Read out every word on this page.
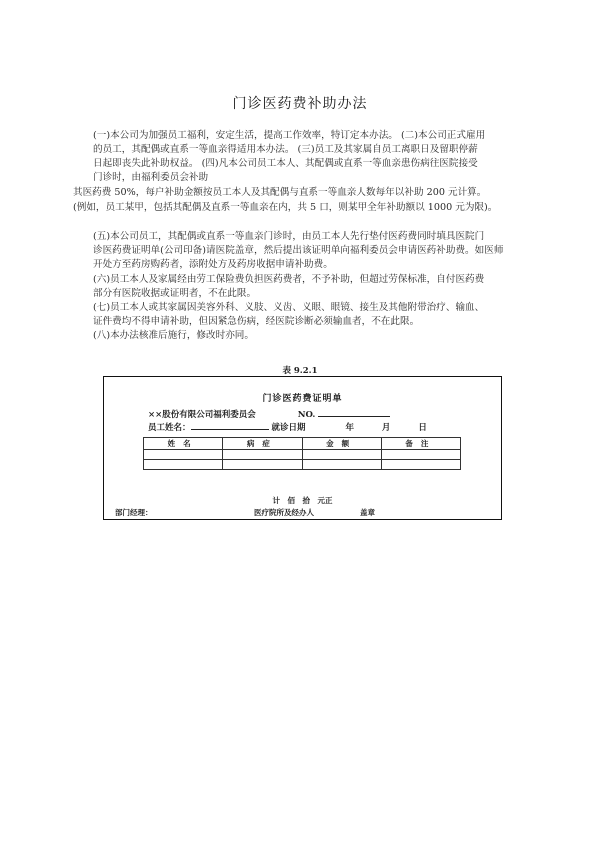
门诊医药费补助办法
(一)本公司为加强员工福利，安定生活，提高工作效率，特订定本办法。 (二)本公司正式雇用
的员工，其配偶或直系一等血亲得适用本办法。 (三)员工及其家属自员工离职日及留职停薪
日起即丧失此补助权益。 (四)凡本公司员工本人、其配偶或直系一等血亲患伤病往医院接受
门诊时，由福利委员会补助
其医药费 50%，每户补助金额按员工本人及其配偶与直系一等血亲人数每年以补助 200 元计算。
(例如，员工某甲，包括其配偶及直系一等血亲在内，共 5 口，则某甲全年补助额以 1000 元为限)。
(五)本公司员工，其配偶或直系一等血亲门诊时，由员工本人先行垫付医药费同时填具医院门
诊医药费证明单(公司印备)请医院盖章，然后提出该证明单向福利委员会申请医药补助费。如医师
开处方至药房购药者，添附处方及药房收据申请补助费。
(六)员工本人及家属经由劳工保险费负担医药费者，不予补助，但超过劳保标准，自付医药费
部分有医院收据或证明者，不在此限。
(七)员工本人或其家属因美容外科、义肢、义齿、义眼、眼镜、接生及其他附带治疗、输血、
证件费均不得申请补助，但因紧急伤病，经医院诊断必须输血者，不在此限。
(八)本办法核准后施行，修改时亦同。
表 9.2.1
门诊医药费证明单
××股份有限公司福利委员会	NO.
员工姓名：	就诊日期	年	月	日
姓名	病症	金额	备注

计　佰　拾　元正
部门经理：	医疗院所及经办人	盖章
